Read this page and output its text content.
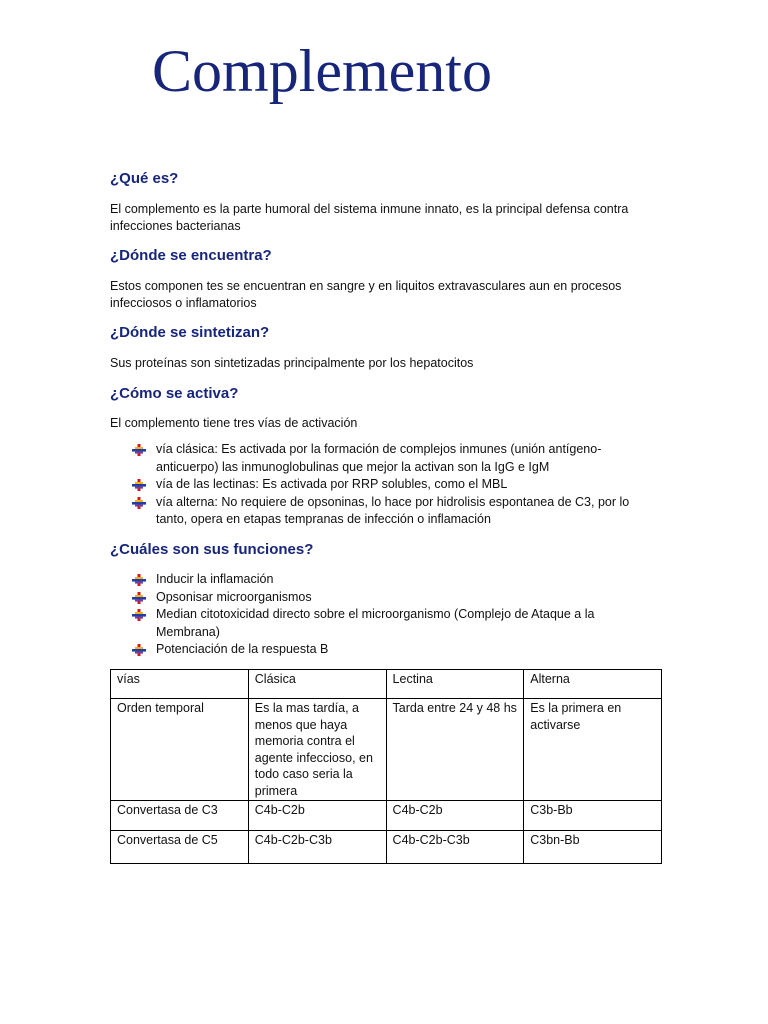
Complemento
¿Qué es?

El complemento es la parte humoral del sistema inmune innato, es la principal defensa contra infecciones bacterianas

¿Dónde se encuentra?

Estos componen tes se encuentran en sangre y en liquitos extravasculares aun en procesos infecciosos o inflamatorios

¿Dónde se sintetizan?

Sus proteínas son sintetizadas principalmente por los hepatocitos

¿Cómo se activa?

El complemento tiene tres vías de activación

vía clásica: Es activada por la formación de complejos inmunes (unión antígeno-anticuerpo) las inmunoglobulinas que mejor la activan son la IgG e IgM
vía de las lectinas: Es activada por RRP solubles, como el MBL
vía alterna: No requiere de opsoninas, lo hace por hidrolisis espontanea de C3, por lo tanto, opera en etapas tempranas de infección o inflamación
¿Cuáles son sus funciones?
Inducir la inflamación
Opsonisar microorganismos
Median citotoxicidad directo sobre el microorganismo (Complejo de Ataque a la Membrana)
Potenciación de la respuesta B
vías	Clásica	Lectina	Alterna
Orden temporal	Es la mas tardía, a menos que haya memoria contra el agente infeccioso, en todo caso seria la primera	Tarda entre 24 y 48 hs	Es la primera en activarse
Convertasa de C3	C4b-C2b	C4b-C2b	C3b-Bb
Convertasa de C5	C4b-C2b-C3b	C4b-C2b-C3b	C3bn-Bb
